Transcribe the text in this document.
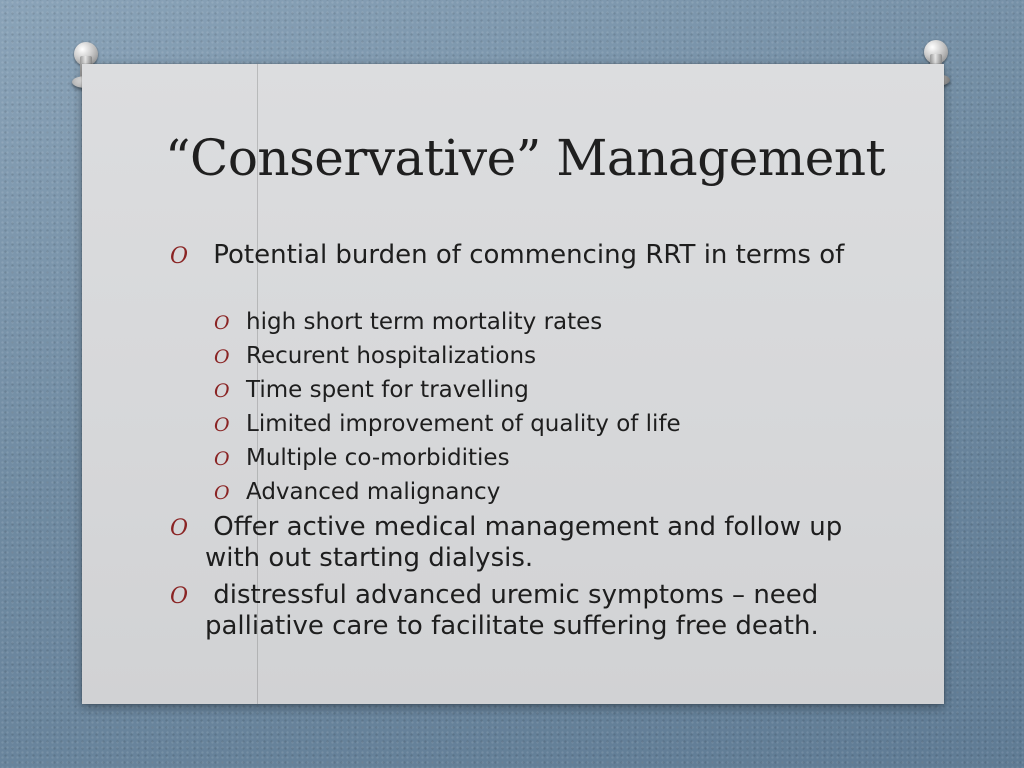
“Conservative” Management
O Potential burden of commencing RRT in terms of
O high short term mortality rates
O Recurent hospitalizations
O Time spent for travelling
O Limited improvement of quality of life
O Multiple co-morbidities
O Advanced malignancy
O Offer active medical management and follow up with out starting dialysis.
O distressful advanced uremic symptoms – need palliative care to facilitate suffering free death.
